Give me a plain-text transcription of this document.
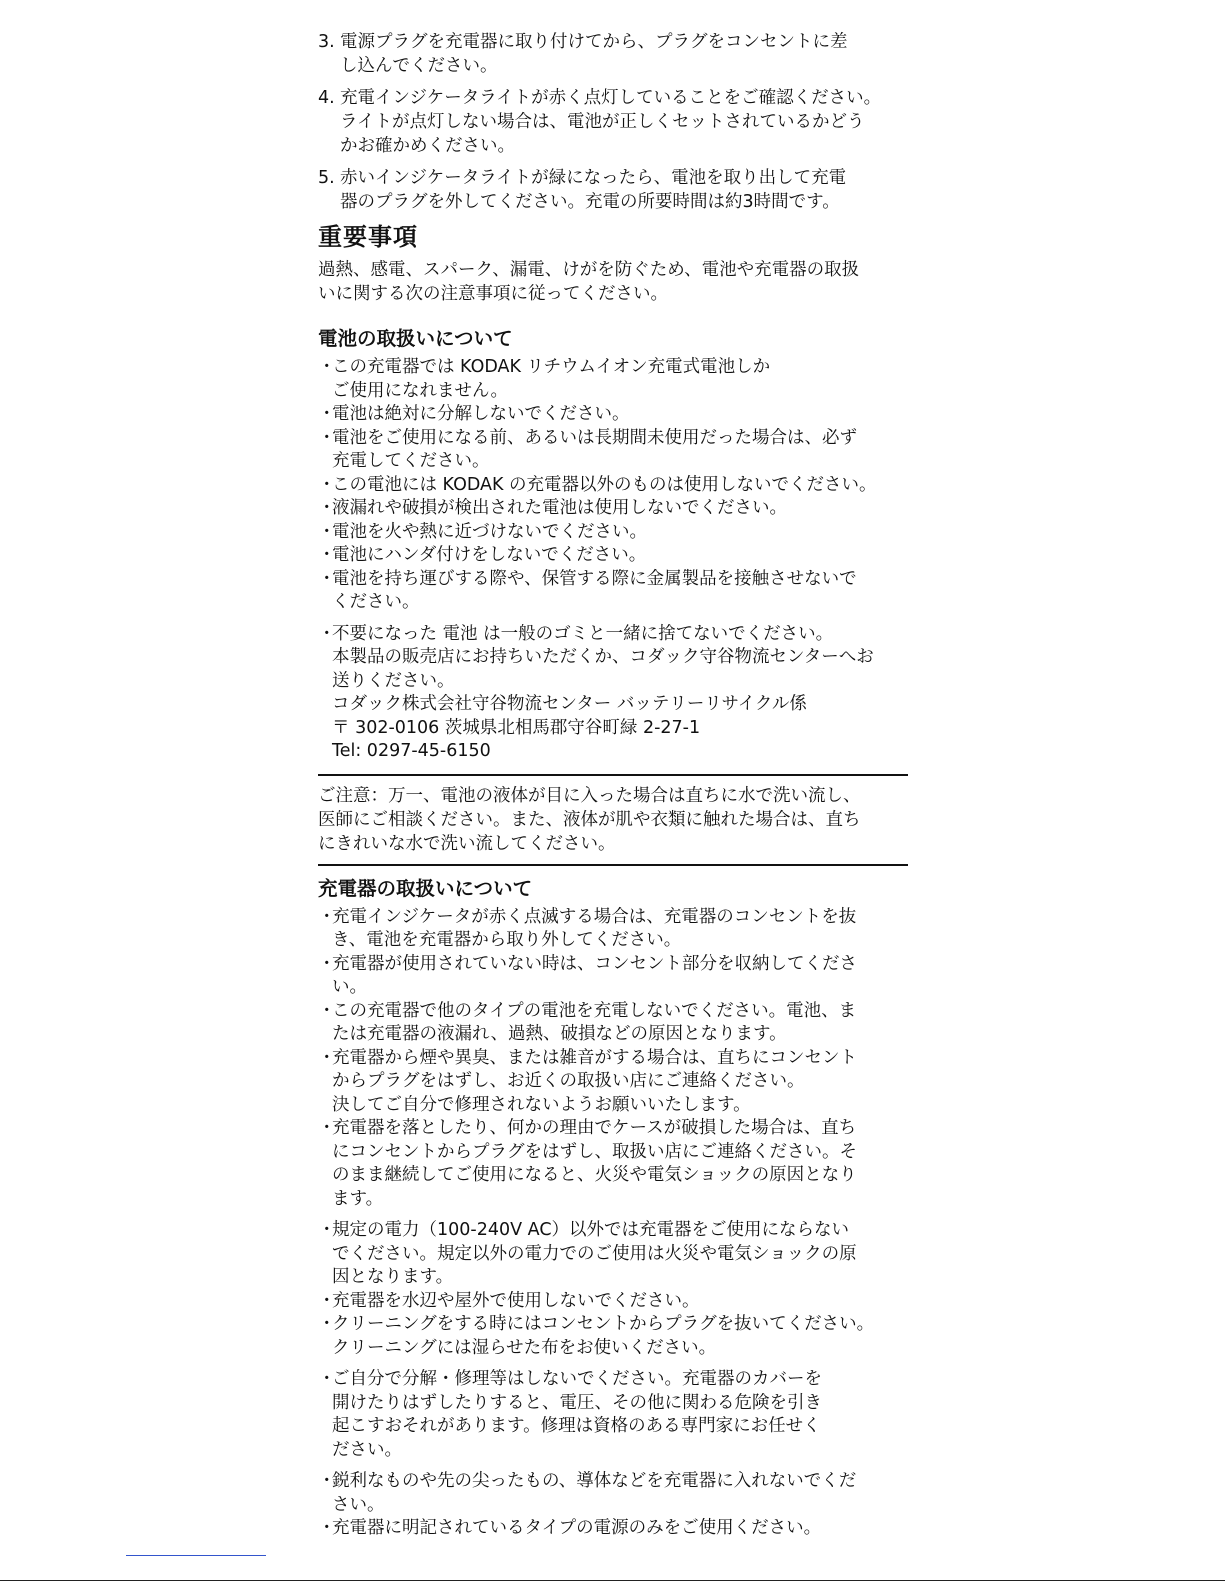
3. 電源プラグを充電器に取り付けてから、プラグをコンセントに差
し込んでください。
4. 充電インジケータライトが赤く点灯していることをご確認ください。
ライトが点灯しない場合は、電池が正しくセットされているかどう
かお確かめください。
5. 赤いインジケータライトが緑になったら、電池を取り出して充電
器のプラグを外してください。充電の所要時間は約3時間です。
重要事項
過熱、感電、スパーク、漏電、けがを防ぐため、電池や充電器の取扱
いに関する次の注意事項に従ってください。
電池の取扱いについて
・
この充電器では KODAK リチウムイオン充電式電池しか
ご使用になれません。
・
電池は絶対に分解しないでください。
・
電池をご使用になる前、あるいは長期間未使用だった場合は、必ず
充電してください。
・
この電池には KODAK の充電器以外のものは使用しないでください。
・
液漏れや破損が検出された電池は使用しないでください。
・
電池を火や熱に近づけないでください。
・
電池にハンダ付けをしないでください。
・
電池を持ち運びする際や、保管する際に金属製品を接触させないで
ください。
・
不要になった 電池 は一般のゴミと一緒に捨てないでください。
本製品の販売店にお持ちいただくか、コダック守谷物流センターへお
送りください。
コダック株式会社守谷物流センター バッテリーリサイクル係
〒 302-0106 茨城県北相馬郡守谷町緑 2-27-1
Tel: 0297-45-6150
ご注意：万一、電池の液体が目に入った場合は直ちに水で洗い流し、
医師にご相談ください。また、液体が肌や衣類に触れた場合は、直ち
にきれいな水で洗い流してください。
充電器の取扱いについて
・
充電インジケータが赤く点滅する場合は、充電器のコンセントを抜
き、電池を充電器から取り外してください。
・
充電器が使用されていない時は、コンセント部分を収納してくださ
い。
・
この充電器で他のタイプの電池を充電しないでください。電池、ま
たは充電器の液漏れ、過熱、破損などの原因となります。
・
充電器から煙や異臭、または雑音がする場合は、直ちにコンセント
からプラグをはずし、お近くの取扱い店にご連絡ください。
決してご自分で修理されないようお願いいたします。
・
充電器を落としたり、何かの理由でケースが破損した場合は、直ち
にコンセントからプラグをはずし、取扱い店にご連絡ください。そ
のまま継続してご使用になると、火災や電気ショックの原因となり
ます。
・
規定の電力（100-240V AC）以外では充電器をご使用にならない
でください。規定以外の電力でのご使用は火災や電気ショックの原
因となります。
・
充電器を水辺や屋外で使用しないでください。
・
クリーニングをする時にはコンセントからプラグを抜いてください。
クリーニングには湿らせた布をお使いください。
・
ご自分で分解・修理等はしないでください。充電器のカバーを
開けたりはずしたりすると、電圧、その他に関わる危険を引き
起こすおそれがあります。修理は資格のある専門家にお任せく
ださい。
・
鋭利なものや先の尖ったもの、導体などを充電器に入れないでくだ
さい。
・
充電器に明記されているタイプの電源のみをご使用ください。
